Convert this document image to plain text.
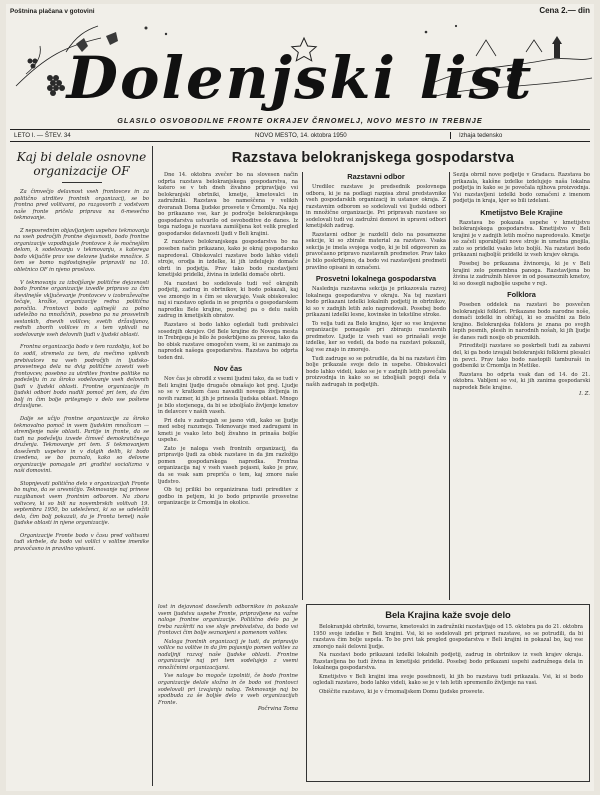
Poštnina plačana v gotovini	Cena 2.— din
Dolenjski list
GLASILO OSVOBODILNE FRONTE OKRAJEV ČRNOMELJ, NOVO MESTO IN TREBNJE
LETO I. — ŠTEV. 34	NOVO MESTO, 14. oktobra 1950	Izhaja tedensko
Kaj bi delale osnovne organizacije OF

Za čimvečjo delavnost vseh frontovcev in za politično utrditev frontnih organizacij, se bo frontna pred volitvami, po razgovorih z vodstvom naše fronte pričela priprava na 6-mesečno tekmovanje.

Z neposrednim objavljanjem uspehov tekmovanja na vseh področjih frontne dejavnosti, bodo frontne organizacije vzpodbujale frontovce k še močnejšim delom, k sodelovanju v tekmovanju, s katerega bodo vključile prav vse delovne ljudske množice. S tem se bomo najdostojnejše pripravili na 10. obletnico OF in njeno proslavo.

V tekmovanju za izboljšanje politične dejavnosti bodo frontne organizacije izvedle pripravo za čim številnejše vključevanje frontovcev v izobraževalne tečaje, krožke, organizacije redna politična poročila. Frontovci bodo agilnejši za polno udeležbo na množičnih, posebno pa na prosvetnih sestankih, dnevih volilcev, svetih državljanov, rednih zborih volilcev in s tem vplivali na sodelovanje vseh delovnih ljudi v ljudski oblasti.

Frontna organizacija bodo v tem razdobju, kot bo to sodil, stremela za tem, da mečimo vplivnih prebivalcev na vseh področjih in ljudsko-prosvetnega dela na dvig politične zavesti vseh frontovcev, posebno za utrditev frontne politike na podeželju in za široko sodelovanje vseh delovnih ljudi v ljudski oblasti. Frontne organizacije in ljudski odbori bodo nudili pomoč pri tem, da čim bolj in čim bolje pritegnejo v delo vse poštene državljane.

Dalje se učijo frontne organizacije za široko tekmovalno pomoč in vsem ljudskim množicam — stremljenje naše oblasti. Partije in fronte, da se tudi na podeželju izvede čimveč demokratičnega druženja. Tekmovanje pri tem. S tekmovanjem doseženih uspehov in v dolgih delih, ki bodo izvedena, se bo poznalo, kako so delovne organizacije pomagale pri graditvi socializma v naši domovini.

Stopnjevati politično delo v organizacijah Fronte bo nujno, da se uresničijo. Tekmovanje naj prinese razgibanost vsem frontnim odborom. Na zboru volivcev, ki so bili na novembrskih volitvah 19. septembra 1950, bo udeleženci, ki so se udeležili dela, čim bolj pokazali, da je Fronta temelj naše ljudske oblasti in njene organizacije.

Organizacije Fronte bodo v času pred volitvami tudi skrbele, da bodo vsi volilci v volilne imenike pravočasno in pravilno vpisani.

Razstava belokranjskega gospodarstva

Dne 14. oktobra zvečer bo na slovesen način odprta razstava belokranjskega gospodarstva, na katero se v teh dneh živahno pripravljajo vsi belokranjski obrtniki, kmetje, kmetovalci in zadružniki. Razstava bo nameščena v velikih dvoranah Doma ljudske prosvete v Črnomlju. Na njej bo prikazano vse, kar je področje belokranjskega gospodarstva ustvarilo od osvoboditve do danes. Iz tega razloga je razstava zamišljena kot velik pregled gospodarske delavnosti ljudi v Beli krajini.

Z razstavo belokranjskega gospodarstva bo na poseben način prikazano, kako je okraj gospodarsko napredoval. Obiskovalci razstave bodo lahko videli stroje, orodja in izdelke, ki jih izdelujejo domače obrti in podjetja. Prav tako bodo razstavljeni kmetijski pridelki, živina in izdelki domače obrti.

Na razstavi bo sodelovalo tudi več okrajnih podjetij, zadrug in obrtnikov, ki bodo pokazali, kaj vse zmorejo in s čim se ukvarjajo. Vsak obiskovalec naj si razstavo ogleda in se prepriča o gospodarskem napredku Bele krajine, posebej pa o delu naših zadrug in kmetijskih obratov.

Razstavo si bodo lahko ogledali tudi prebivalci sosednjih okrajev. Od Bele krajine do Novega mesta in Trebnjega je bilo že poskrbljeno za prevoz, tako da bo obisk razstave omogočen vsem, ki se zanimajo za napredek našega gospodarstva. Razstava bo odprta teden dni.

Nov čas

Nov čas je obrodil z vsemi ljudmi tako, da se tudi v Beli krajini ljudje drugače obnašajo kot prej. Ljudje so se v kratkem času navadili novega življenja in novih razmer, ki jih je prinesla ljudska oblast. Mnogo je bilo storjenega, da bi se izboljšalo življenje kmetov in delavcev v naših vaseh.

Pri delu v zadrugah se jasno vidi, kako se ljudje med seboj razumejo. Tekmovanje med zadrugami in kmeti je vsako leto bolj živahno in prinaša boljše uspehe.

Zato je naloga vseh frontnih organizacij, da pripravijo ljudi za obisk razstave in da jim razložijo pomen gospodarskega napredka. Frontna organizacija naj v vseh vaseh pojasni, kako je prav, da se vsak sam prepriča o tem, kaj zmore naše ljudstvo.

Ob tej priliki bo organizirana tudi prireditev z godbo in petjem, ki jo bodo pripravile prosvetne organizacije iz Črnomlja in okolice.

Razstavni odbor

Uredilec razstave je predsednik poslovnega odbora, ki je na podlagi razpisa zbral predstavnike vseh gospodarskih organizacij in ustanov okraja. Z razstavnim odborom so sodelovali vsi ljudski odbori in množične organizacije. Pri pripravah razstave so sodelovali tudi vsi zadružni domovi in upravni odbori kmetijskih zadrug.

Razstavni odbor je razdelil delo na posamezne sekcije, ki so zbirale material za razstavo. Vsaka sekcija je imela svojega vodjo, ki je bil odgovoren za pravočasno pripravo razstavnih predmetov. Prav tako je bilo poskrbljeno, da bodo vsi razstavljeni predmeti pravilno opisani in označeni.

Prosvetni lokalnega gospodarstva

Naslednja razstavna sekcija je prikazovala razvoj lokalnega gospodarstva v okraju. Na tej razstavi bodo prikazani izdelki lokalnih podjetij in obrtnikov, ki so v zadnjih letih zelo napredovali. Posebej bodo prikazani izdelki lesne, kovinske in tekstilne stroke.

To velja tudi za Belo krajino, kjer so vse krajevne organizacije pomagale pri zbiranju razstavnih predmetov. Ljudje iz vseh vasi so prinašali svoje izdelke, ker so vedeli, da bodo na razstavi pokazali, kaj vse znajo in zmorejo.

Tudi zadruge so se potrudile, da bi na razstavi čim bolje prikazale svoje delo in uspehe. Obiskovalci bodo lahko videli, kako se je v zadnjih letih povečala proizvodnja in kako so se izboljšali pogoji dela v naših zadrugah in podjetjih.

Sezija obrnil nove podjetje v Gradacu. Razstava bo prikazala, kakšne izdelke izdelujejo naša lokalna podjetja in kako se je povečala njihova proizvodnja. Vsi razstavljeni izdelki bodo označeni z imenom podjetja in kraja, kjer so bili izdelani.

Kmetijstvo Bele Krajine

Razstava bo pokazala uspehe v kmetijstvu belokranjskega gospodarstva. Kmetijstvo v Beli krajini je v zadnjih letih močno napredovalo. Kmetje so začeli uporabljati nove stroje in umetna gnojila, zato so pridelki vsako leto boljši. Na razstavi bodo prikazani najboljši pridelki iz vseh krajev okraja.

Posebej bo prikazana živinoreja, ki je v Beli krajini zelo pomembna panoga. Razstavljena bo živina iz zadružnih hlevov in od posameznih kmetov, ki so dosegli najboljše uspehe v reji.

Folklora

Poseben oddelek na razstavi bo posvečen belokranjski folklori. Prikazane bodo narodne noše, domači izdelki in običaji, ki so značilni za Belo krajino. Belokranjska folklora je znana po svojih lepih pesmih, plesih in narodnih nošah, ki jih ljudje še danes radi nosijo ob praznikih.

Prireditelji razstave so poskrbeli tudi za zabavni del, ki ga bodo izvajali belokranjski folklorni plesalci in pevci. Prav tako bodo nastopili tamburaši in godbeniki iz Črnomlja in Metlike.

Razstava bo odprta vsak dan od 14. do 21. oktobra. Vabljeni so vsi, ki jih zanima gospodarski napredek Bele krajine.

I. Z.

lost in dejavnost doseženih odbornikov in pokazale vsem ljudstvu uspehe Fronte, pripravljene na važne naloge frontne organizacije. Politično delo pa je treba razširiti na vse sloje prebivalstva, da bodo vsi frontovci čim bolje seznanjeni s pomenom volitev.

Naloga frontnih organizacij je tudi, da pripravijo volilce na volitve in da jim pojasnijo pomen volitev za nadaljnji razvoj naše ljudske oblasti. Frontne organizacije naj pri tem sodelujejo z vsemi množičnimi organizacijami.

Vse naloge bo mogoče izpolniti, če bodo frontne organizacije delale složno in če bodo vsi frontovci sodelovali pri izvajanju nalog. Tekmovanje naj bo spodbuda za še boljše delo v vseh organizacijah Fronte.

Počrvina Toma
Bela Krajina kaže svoje delo

Belokranjski obrtniki, tovarne, kmetovalci in zadružniki razstavljajo od 15. oktobra pa do 21. oktobra 1950 svoje izdelke v Beli krajini. Vsi, ki so sodelovali pri pripravi razstave, so se potrudili, da bi razstava čim bolje uspela. To bo prvi tak pregled gospodarstva v Beli krajini in pokazal bo, kaj vse zmorejo naši delovni ljudje.

Na razstavi bodo prikazani izdelki lokalnih podjetij, zadrug in obrtnikov iz vseh krajev okraja. Razstavljena bo tudi živina in kmetijski pridelki. Posebej bodo prikazani uspehi zadružnega dela in lokalnega gospodarstva.

Kmetijstvo v Beli krajini ima svoje posebnosti, ki jih bo razstava tudi prikazala. Vsi, ki si bodo ogledali razstavo, bodo lahko videli, kako se je v teh letih spremenilo življenje na vasi.

Obiščite razstavo, ki je v črnomaljskem Domu ljudske prosvete.
